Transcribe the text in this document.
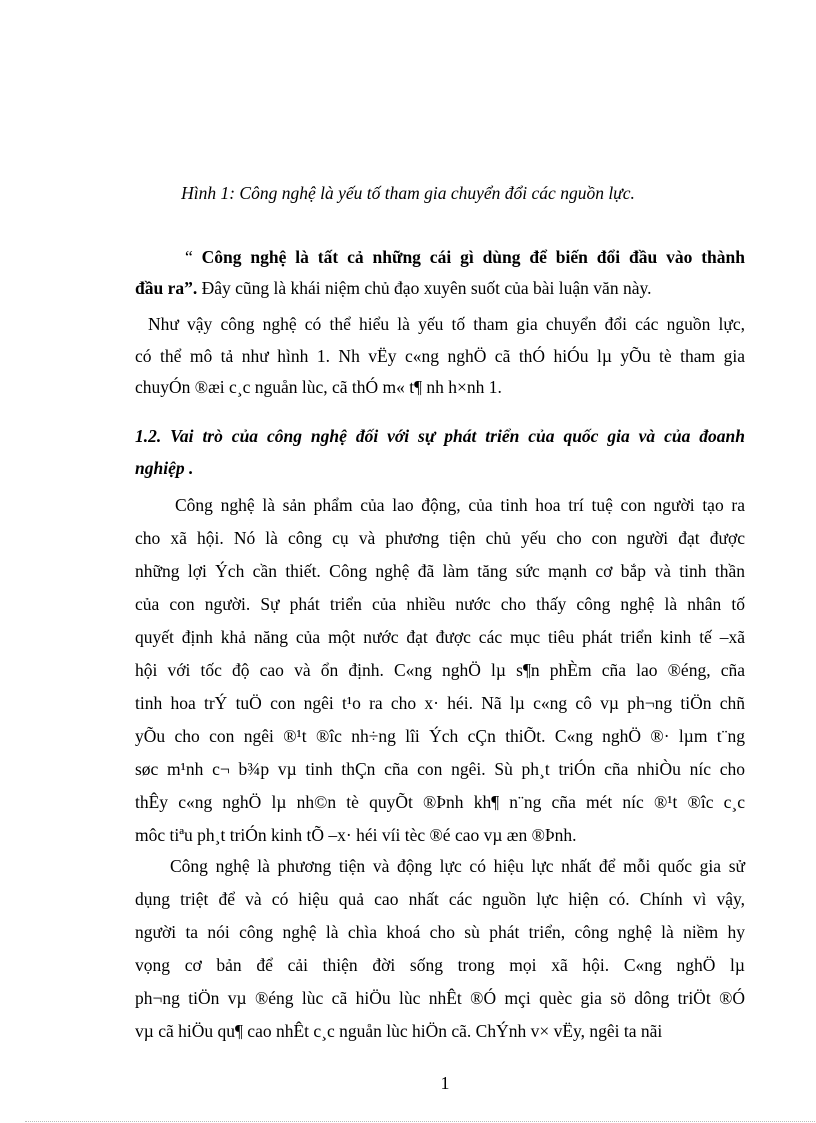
Hình 1: Công nghệ là yếu tố tham gia chuyển đổi các nguồn lực.
“ Công nghệ là tất cả những cái gì dùng để biến đổi đầu vào thành
đầu ra”. Đây cũng là khái niệm chủ đạo xuyên suốt của bài luận văn này.
Như vậy công nghệ có thể hiểu là yếu tố tham gia chuyển đổi các nguồn lực,
có thể mô tả như hình 1. Nh vËy c«ng nghÖ cã thÓ hiÓu lµ yÕu tè tham gia
chuyÓn ®æi c¸c nguån lùc, cã thÓ m« t¶ nh h×nh 1.
1.2. Vai trò của công nghệ đối với sự phát triển của quốc gia và của đoanh
nghiệp .
Công nghệ là sản phẩm của lao động, của tinh hoa trí tuệ con người tạo ra
cho xã hội. Nó là công cụ và phương tiện chủ yếu cho con người đạt được
những lợi Ých cần thiết. Công nghệ đã làm tăng sức mạnh cơ bắp và tinh thần
của con người. Sự phát triển của nhiều nước cho thấy công nghệ là nhân tố
quyết định khả năng của một nước đạt được các mục tiêu phát triển kinh tế –xã
hội với tốc độ cao và ổn định. C«ng nghÖ lµ s¶n phÈm cña lao ®éng, cña
tinh hoa trÝ tuÖ con ngêi t¹o ra cho x· héi. Nã lµ c«ng cô vµ ph¬ng tiÖn chñ
yÕu cho con ngêi ®¹t ®îc nh÷ng lîi Ých cÇn thiÕt. C«ng nghÖ ®· lµm t¨ng
søc m¹nh c¬ b¾p vµ tinh thÇn cña con ngêi. Sù ph¸t triÓn cña nhiÒu níc cho
thÊy c«ng nghÖ lµ nh©n tè quyÕt ®Þnh kh¶ n¨ng cña mét níc ®¹t ®îc c¸c
môc tiªu ph¸t triÓn kinh tÕ –x· héi víi tèc ®é cao vµ æn ®Þnh.
Công nghệ là phương tiện và động lực có hiệu lực nhất để mỗi quốc gia sử
dụng triệt để và có hiệu quả cao nhất các nguồn lực hiện có. Chính vì vậy,
người ta nói công nghệ là chìa khoá cho sù phát triển, công nghệ là niềm hy
vọng cơ bản để cải thiện đời sống trong mọi xã hội. C«ng nghÖ lµ
ph¬ng tiÖn vµ ®éng lùc cã hiÖu lùc nhÊt ®Ó mçi quèc gia sö dông triÖt ®Ó
vµ cã hiÖu qu¶ cao nhÊt c¸c nguån lùc hiÖn cã. ChÝnh v× vËy, ngêi ta nãi
1
